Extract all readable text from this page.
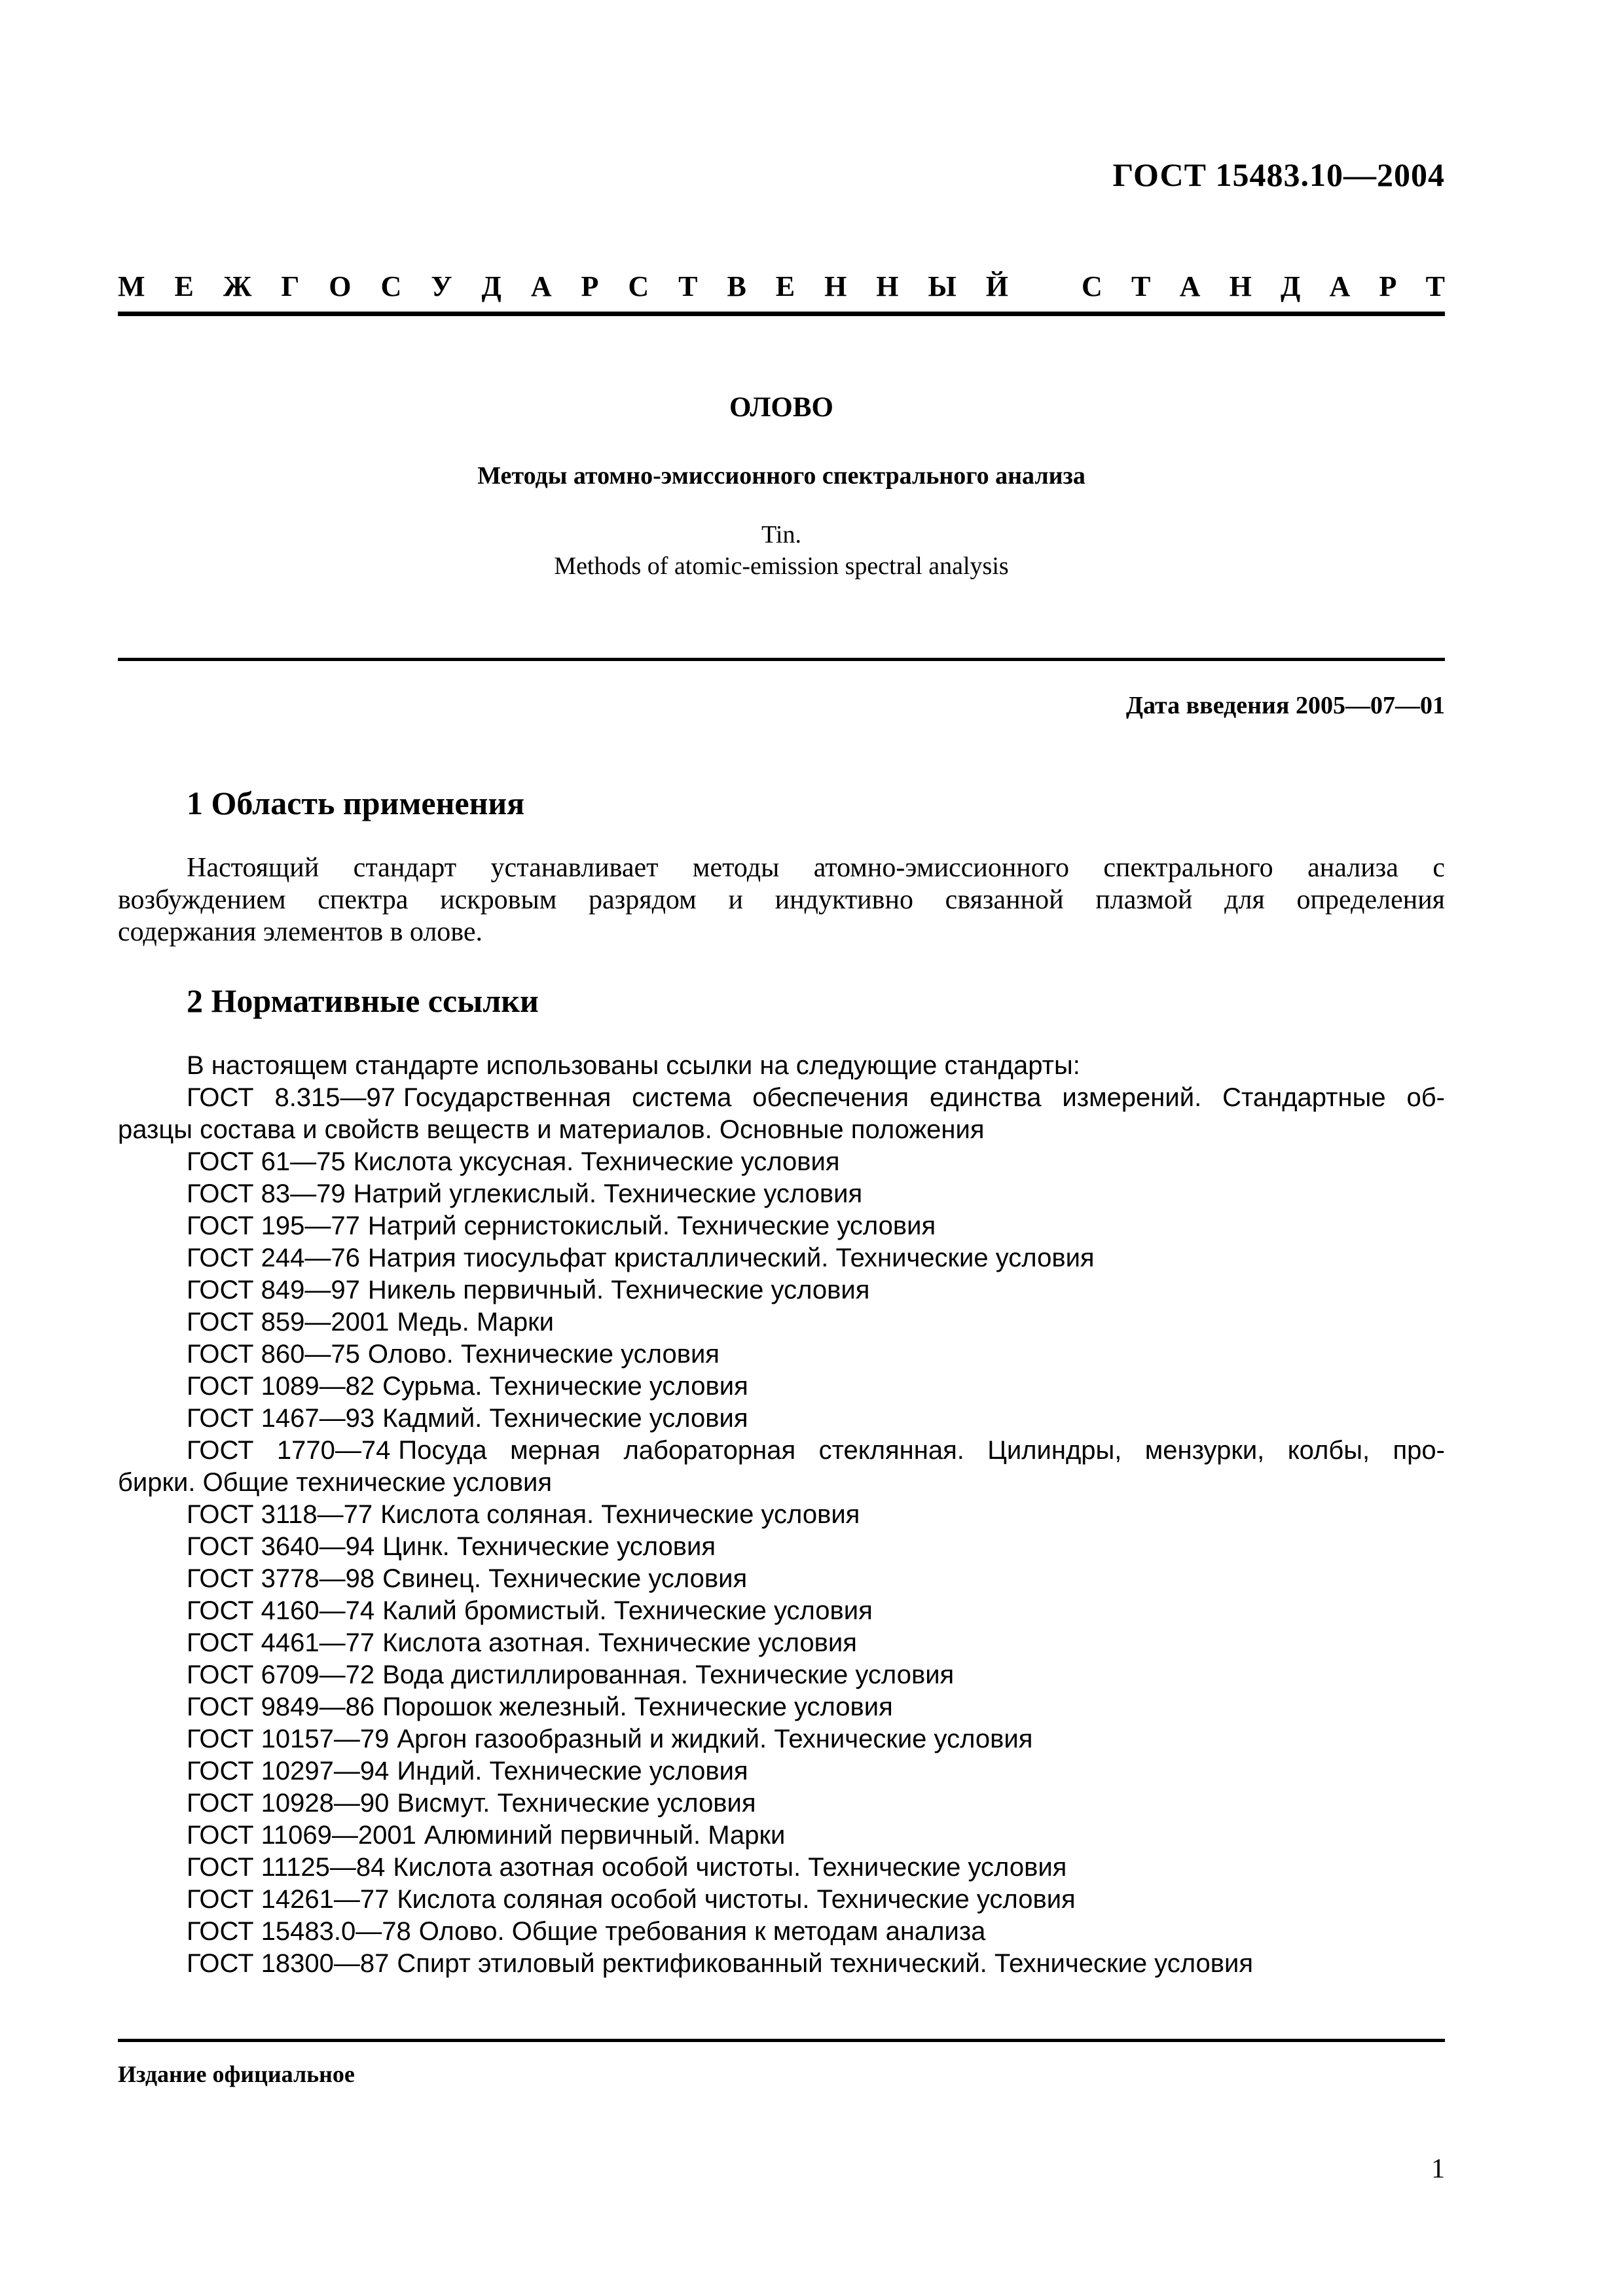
ГОСТ 15483.10—2004
М Е Ж Г О С У Д А Р С Т В Е Н Н Ы Й	С Т А Н Д А Р Т
ОЛОВО
Методы атомно-эмиссионного спектрального анализа
Tin.
Methods of atomic-emission spectral analysis
Дата введения 2005—07—01
1 Область применения
Настоящий стандарт устанавливает методы атомно-эмиссионного спектрального анализа с
возбуждением спектра искровым разрядом и индуктивно связанной плазмой для определения
содержания элементов в олове.
2 Нормативные ссылки
В настоящем стандарте использованы ссылки на следующие стандарты:
ГОСТ 8.315—97 Государственная система обеспечения единства измерений. Стандартные об-
разцы состава и свойств веществ и материалов. Основные положения
ГОСТ 61—75 Кислота уксусная. Технические условия
ГОСТ 83—79 Натрий углекислый. Технические условия
ГОСТ 195—77 Натрий сернистокислый. Технические условия
ГОСТ 244—76 Натрия тиосульфат кристаллический. Технические условия
ГОСТ 849—97 Никель первичный. Технические условия
ГОСТ 859—2001 Медь. Марки
ГОСТ 860—75 Олово. Технические условия
ГОСТ 1089—82 Сурьма. Технические условия
ГОСТ 1467—93 Кадмий. Технические условия
ГОСТ 1770—74 Посуда мерная лабораторная стеклянная. Цилиндры, мензурки, колбы, про-
бирки. Общие технические условия
ГОСТ 3118—77 Кислота соляная. Технические условия
ГОСТ 3640—94 Цинк. Технические условия
ГОСТ 3778—98 Свинец. Технические условия
ГОСТ 4160—74 Калий бромистый. Технические условия
ГОСТ 4461—77 Кислота азотная. Технические условия
ГОСТ 6709—72 Вода дистиллированная. Технические условия
ГОСТ 9849—86 Порошок железный. Технические условия
ГОСТ 10157—79 Аргон газообразный и жидкий. Технические условия
ГОСТ 10297—94 Индий. Технические условия
ГОСТ 10928—90 Висмут. Технические условия
ГОСТ 11069—2001 Алюминий первичный. Марки
ГОСТ 11125—84 Кислота азотная особой чистоты. Технические условия
ГОСТ 14261—77 Кислота соляная особой чистоты. Технические условия
ГОСТ 15483.0—78 Олово. Общие требования к методам анализа
ГОСТ 18300—87 Спирт этиловый ректификованный технический. Технические условия
Издание официальное
1
